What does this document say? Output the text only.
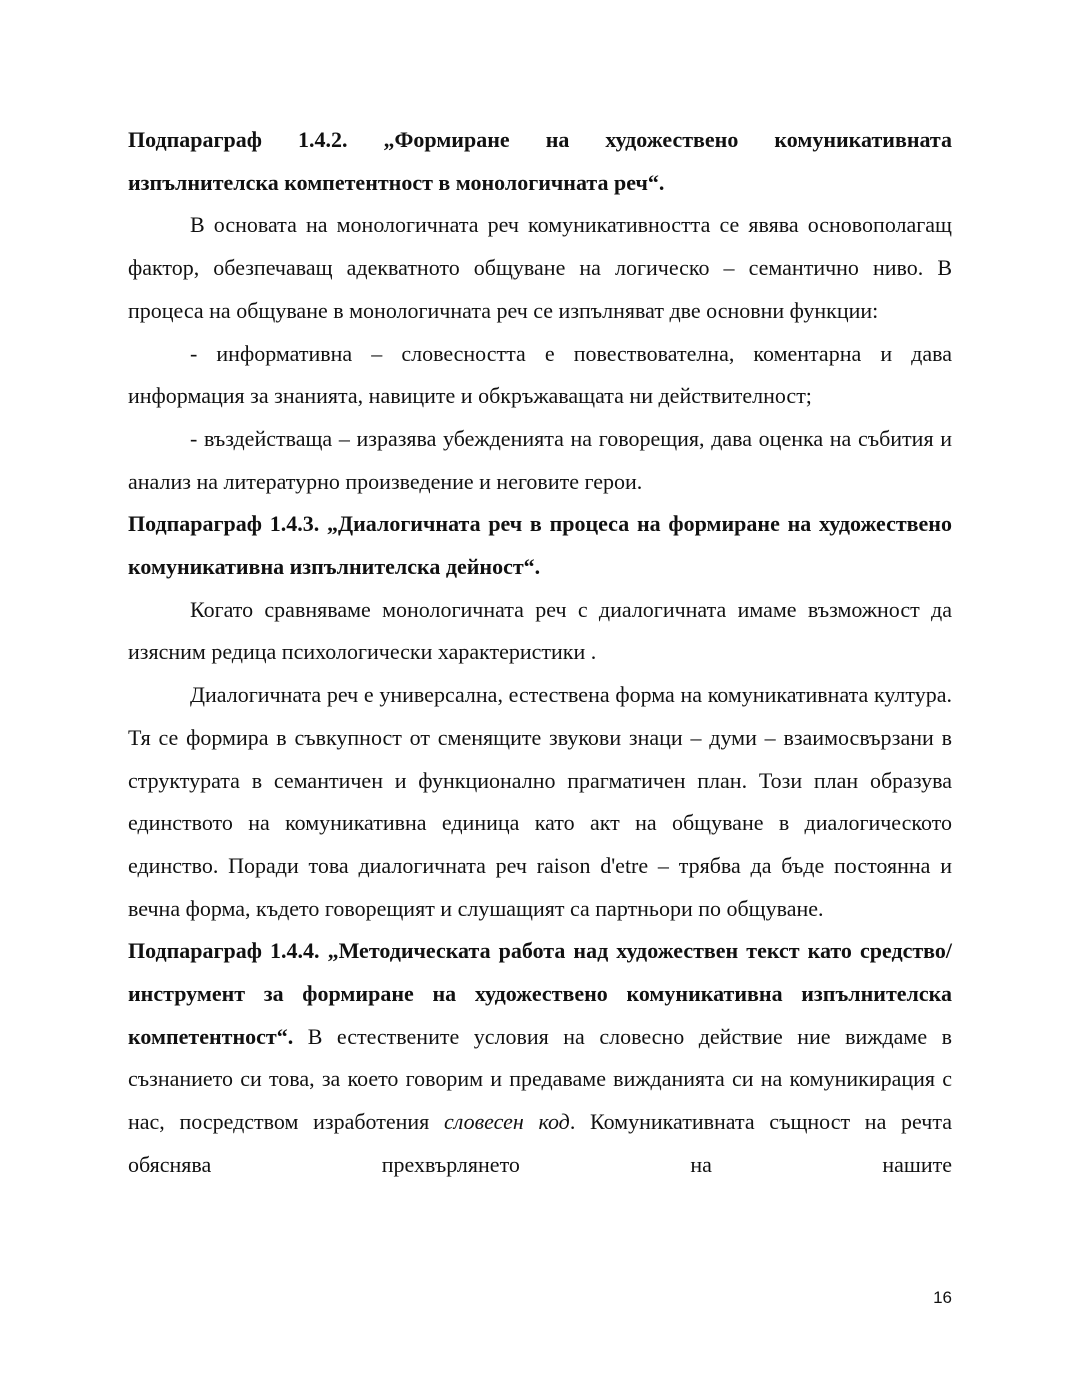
Подпараграф 1.4.2. „Формиране на художествено комуникативната изпълнителска компетентност в монологичната реч“.

В основата на монологичната реч комуникативността се явява основополагащ фактор, обезпечаващ адекватното общуване на логическо – семантично ниво. В процеса на общуване в монологичната реч се изпълняват две основни функции:

- информативна – словесността е повествователна, коментарна и дава информация за знанията, навиците и обкръжаващата ни действителност;

- въздействаща – изразява убежденията на говорещия, дава оценка на събития и анализ на литературно произведение и неговите герои.

Подпараграф 1.4.3. „Диалогичната реч в процеса на формиране на художествено комуникативна изпълнителска дейност“.

Когато сравняваме монологичната реч с диалогичната имаме възможност да изясним редица психологически характеристики .

Диалогичната реч е универсална, естествена форма на комуникативната култура. Тя се формира в съвкупност от сменящите звукови знаци – думи – взаимосвързани в структурата в семантичен и функционално прагматичен план. Този план образува единството на комуникативна единица като акт на общуване в диалогическото единство. Поради това диалогичната реч raison d'etre – трябва да бъде постоянна и вечна форма, където говорещият и слушащият са партньори по общуване.

Подпараграф 1.4.4. „Методическата работа над художествен текст като средство/инструмент за формиране на художествено комуникативна изпълнителска компетентност“. В естествените условия на словесно действие ние виждаме в съзнанието си това, за което говорим и предаваме вижданията си на комуникирация с нас, посредством изработения словесен код. Комуникативната същност на речта обяснява прехвърлянето на нашите

16
